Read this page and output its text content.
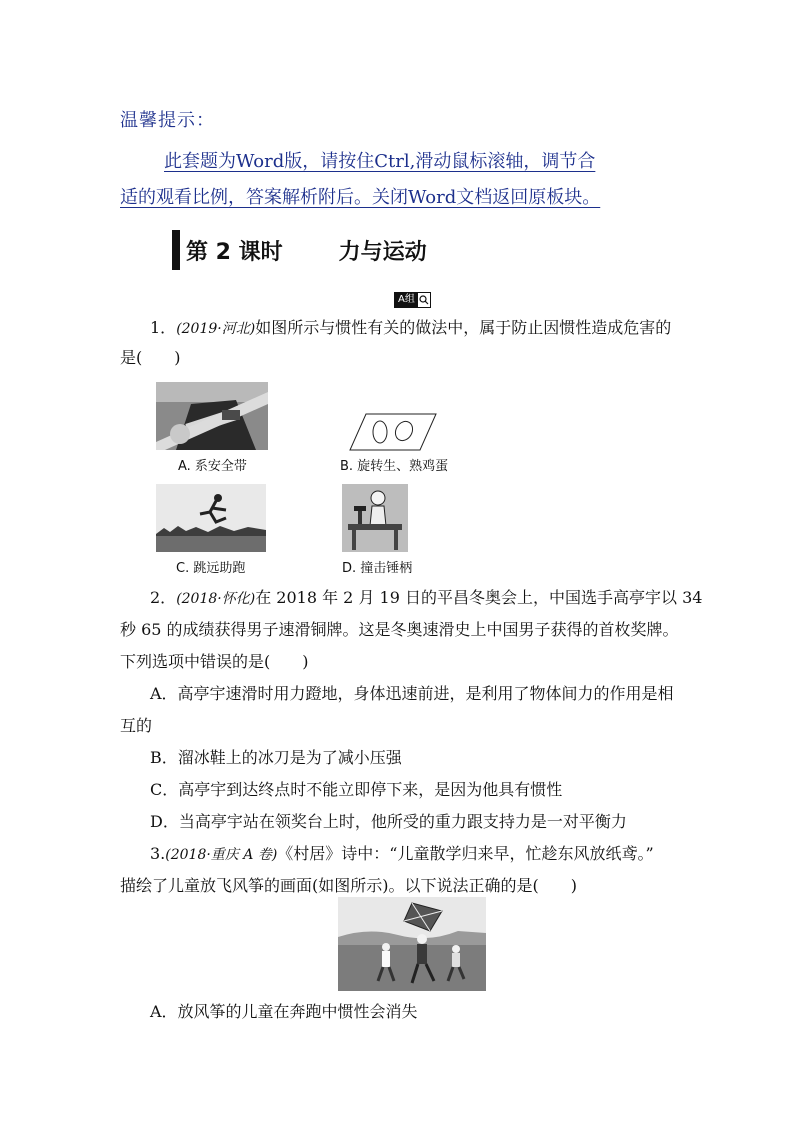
温馨提示：
此套题为Word版，请按住Ctrl,滑动鼠标滚轴，调节合
适的观看比例，答案解析附后。关闭Word文档返回原板块。
第 2 课时	力与运动
A组
1．(2019·河北)如图所示与惯性有关的做法中，属于防止因惯性造成危害的
是(　　)
A. 系安全带	B. 旋转生、熟鸡蛋
C. 跳远助跑	D. 撞击锤柄
2．(2018·怀化)在 2018 年 2 月 19 日的平昌冬奥会上，中国选手高亭宇以 34
秒 65 的成绩获得男子速滑铜牌。这是冬奥速滑史上中国男子获得的首枚奖牌。
下列选项中错误的是(　　)
A．高亭宇速滑时用力蹬地，身体迅速前进，是利用了物体间力的作用是相
互的
B．溜冰鞋上的冰刀是为了减小压强
C．高亭宇到达终点时不能立即停下来，是因为他具有惯性
D．当高亭宇站在领奖台上时，他所受的重力跟支持力是一对平衡力
3.(2018·重庆 A 卷)《村居》诗中：“儿童散学归来早，忙趁东风放纸鸢。”
描绘了儿童放飞风筝的画面(如图所示)。以下说法正确的是(　　)
A．放风筝的儿童在奔跑中惯性会消失
